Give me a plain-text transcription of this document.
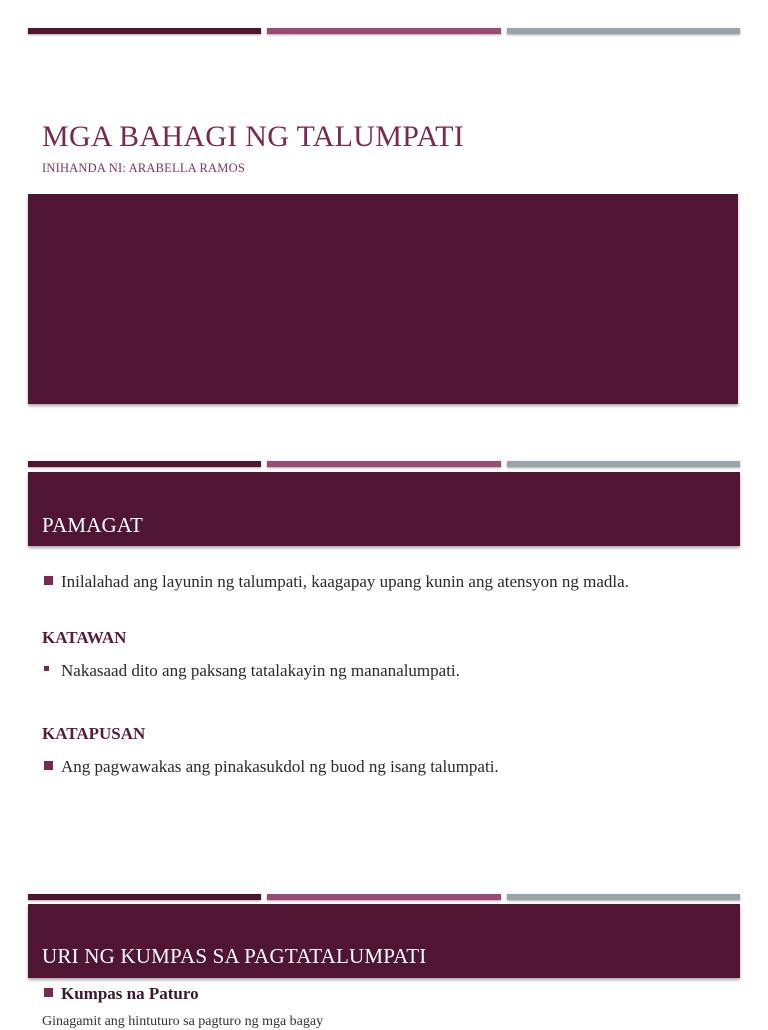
MGA BAHAGI NG TALUMPATI

INIHANDA NI: ARABELLA RAMOS

PAMAGAT
Inilalahad ang layunin ng talumpati, kaagapay upang kunin ang atensyon ng madla.
KATAWAN
Nakasaad dito ang paksang tatalakayin ng mananalumpati.
KATAPUSAN
Ang pagwawakas ang pinakasukdol ng buod ng isang talumpati.
URI NG KUMPAS SA PAGTATALUMPATI
Kumpas na Paturo

Ginagamit ang hintuturo sa pagturo ng mga bagay
